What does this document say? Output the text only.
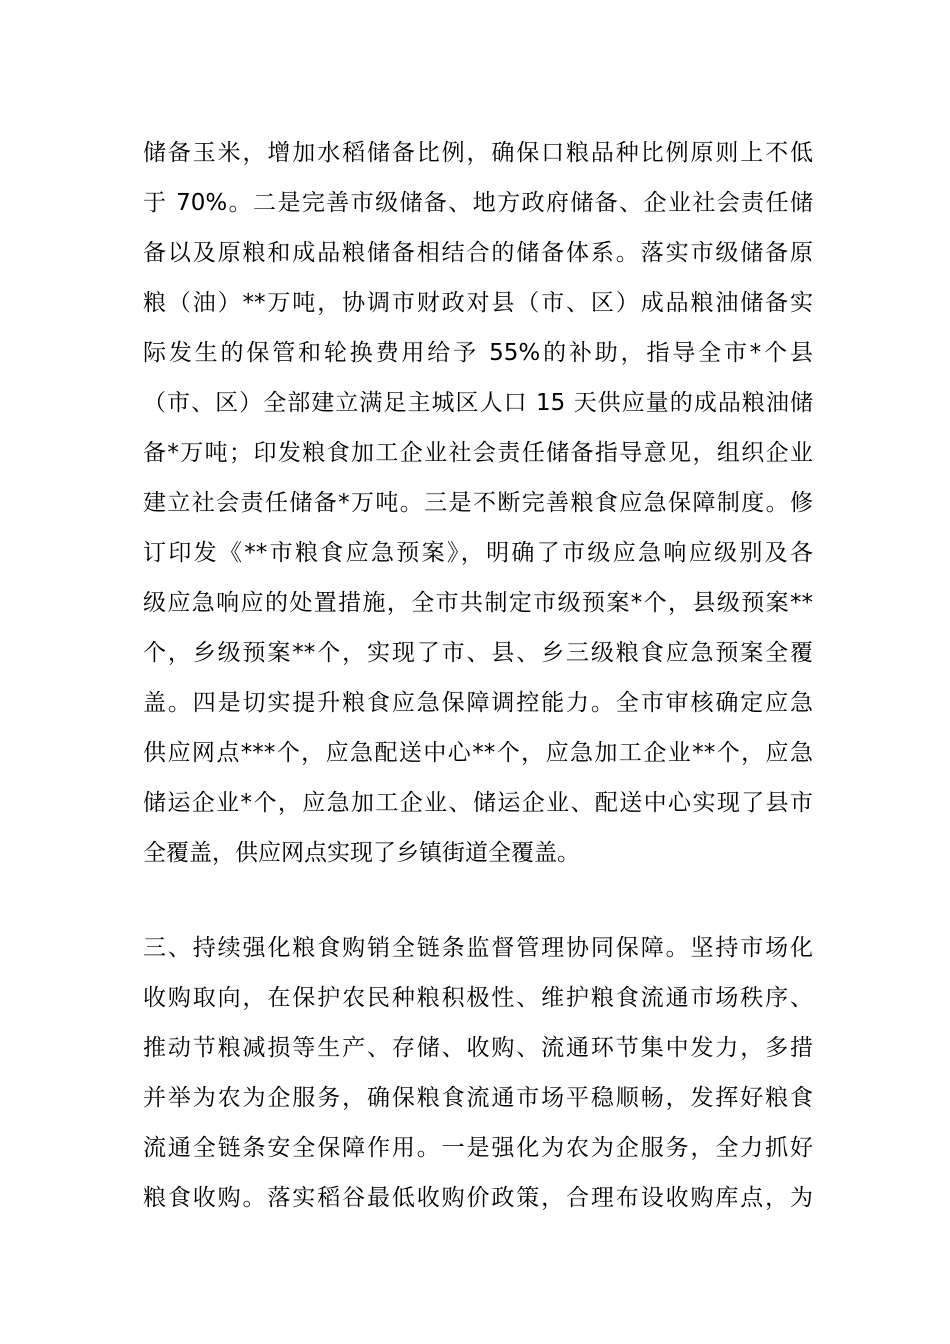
储备玉米，增加水稻储备比例，确保口粮品种比例原则上不低
于 70%。二是完善市级储备、地方政府储备、企业社会责任储
备以及原粮和成品粮储备相结合的储备体系。落实市级储备原
粮（油）**万吨，协调市财政对县（市、区）成品粮油储备实
际发生的保管和轮换费用给予 55%的补助，指导全市*个县
（市、区）全部建立满足主城区人口 15 天供应量的成品粮油储
备*万吨；印发粮食加工企业社会责任储备指导意见，组织企业
建立社会责任储备*万吨。三是不断完善粮食应急保障制度。修
订印发《**市粮食应急预案》，明确了市级应急响应级别及各
级应急响应的处置措施，全市共制定市级预案*个，县级预案**
个，乡级预案**个，实现了市、县、乡三级粮食应急预案全覆
盖。四是切实提升粮食应急保障调控能力。全市审核确定应急
供应网点***个，应急配送中心**个，应急加工企业**个，应急
储运企业*个，应急加工企业、储运企业、配送中心实现了县市
全覆盖，供应网点实现了乡镇街道全覆盖。
三、持续强化粮食购销全链条监督管理协同保障。坚持市场化
收购取向，在保护农民种粮积极性、维护粮食流通市场秩序、
推动节粮减损等生产、存储、收购、流通环节集中发力，多措
并举为农为企服务，确保粮食流通市场平稳顺畅，发挥好粮食
流通全链条安全保障作用。一是强化为农为企服务，全力抓好
粮食收购。落实稻谷最低收购价政策，合理布设收购库点，为
